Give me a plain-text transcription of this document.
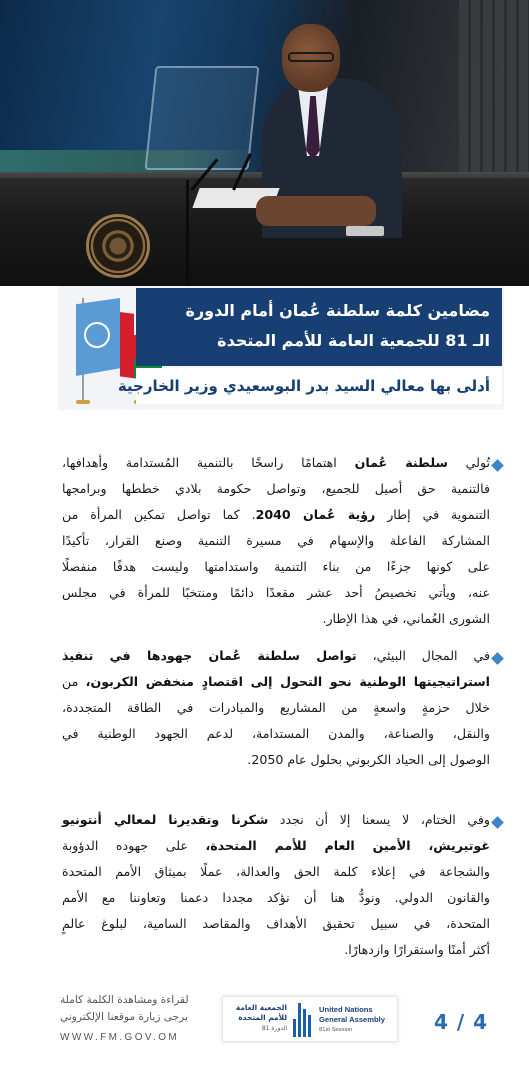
مضامين كلمة سلطنة عُمان أمام الدورة
الـ 81 للجمعية العامة للأمم المتحدة
أدلى بها معالي السيد بدر البوسعيدي وزير الخارجية
تُولي سلطنة عُمان اهتمامًا راسخًا بالتنمية المُستدامة وأهدافها،
فالتنمية حق أصيل للجميع، وتواصل حكومة بلادي خططها وبرامجها
التنموية في إطار رؤية عُمان 2040. كما تواصل تمكين المرأة من
المشاركة الفاعلة والإسهام في مسيرة التنمية وصنع القرار، تأكيدًا
على كونها جزءًا من بناء التنمية واستدامتها وليست هدفًا منفصلًا
عنه، ويأتي تخصيصُ أحد عشر مقعدًا دائمًا ومنتخبًا للمرأة في مجلس
الشورى العُماني، في هذا الإطار.
في المجال البيئي، تواصل سلطنة عُمان جهودها في تنفيذ
استراتيجيتها الوطنية نحو التحول إلى اقتصادٍ منخفض الكربون، من
خلال حزمةٍ واسعةٍ من المشاريع والمبادرات في الطاقة المتجددة،
والنقل، والصناعة، والمدن المستدامة، لدعم الجهود الوطنية في
الوصول إلى الحياد الكربوني بحلول عام 2050.
وفي الختام، لا يسعنا إلا أن نجدد شكرنا وتقديرنا لمعالي أنتونيو
غوتيريش، الأمين العام للأمم المتحدة، على جهوده الدؤوبة
والشجاعة في إعلاء كلمة الحق والعدالة، عملًا بميثاق الأمم المتحدة
والقانون الدولي. ونودُّ هنا أن نؤكد مجددا دعمنا وتعاوننا مع الأمم
المتحدة، في سبيل تحقيق الأهداف والمقاصد السامية، لبلوغ عالمٍ
أكثر أمنًا واستقرارًا وازدهارًا.
لقراءة ومشاهدة الكلمة كاملة
يرجى زيارة موقعنا الإلكتروني
WWW.FM.GOV.OM
الجمعية العامة
للأمم المتحدة
الدورة 81
United Nations
General Assembly
81st Session	4 / 4
